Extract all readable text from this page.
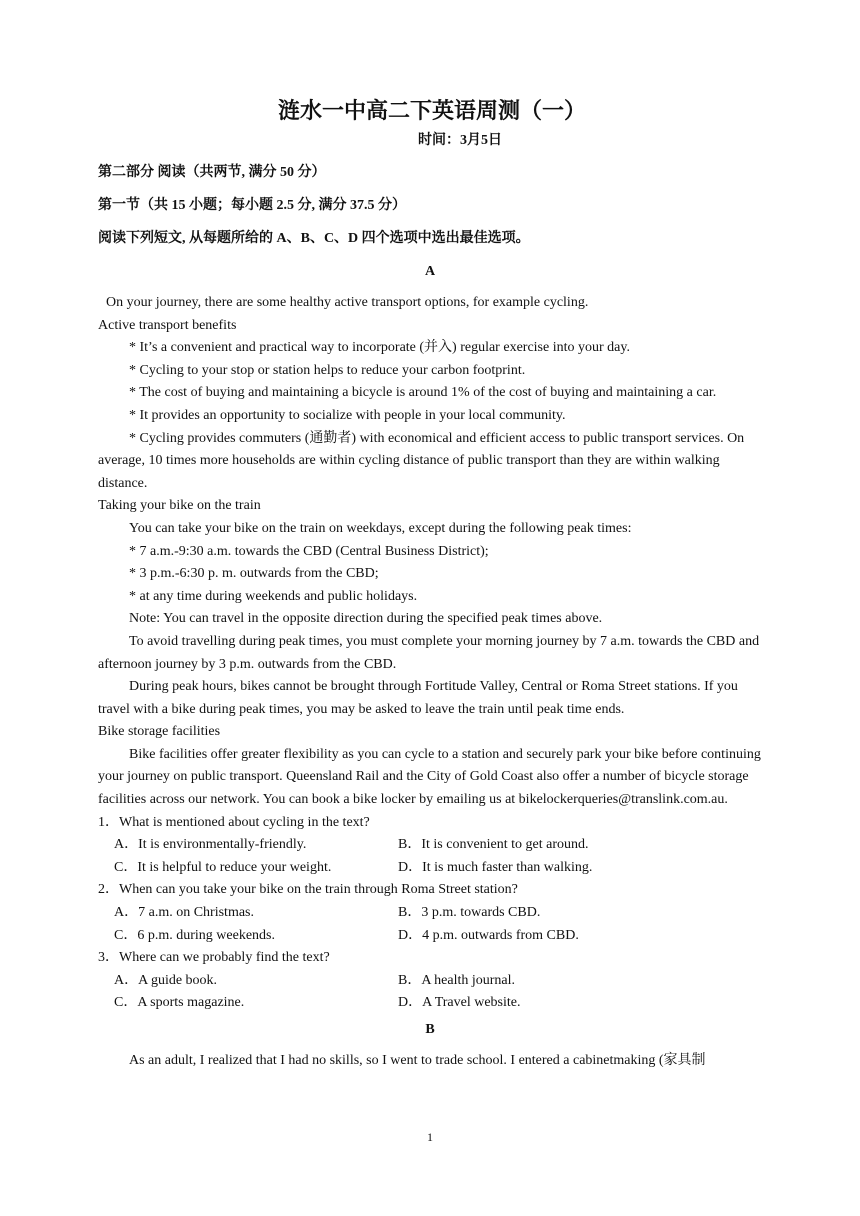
涟水一中高二下英语周测（一）
时间：3月5日
第二部分 阅读（共两节, 满分 50 分）
第一节（共 15 小题；每小题 2.5 分, 满分 37.5 分）
阅读下列短文, 从每题所给的 A、B、C、D 四个选项中选出最佳选项。
A

On your journey, there are some healthy active transport options, for example cycling.

Active transport benefits

* It’s a convenient and practical way to incorporate (并入) regular exercise into your day.

* Cycling to your stop or station helps to reduce your carbon footprint.

* The cost of buying and maintaining a bicycle is around 1% of the cost of buying and maintaining a car.

* It provides an opportunity to socialize with people in your local community.

* Cycling provides commuters (通勤者) with economical and efficient access to public transport services. On average, 10 times more households are within cycling distance of public transport than they are within walking distance.

Taking your bike on the train

You can take your bike on the train on weekdays, except during the following peak times:

* 7 a.m.-9:30 a.m. towards the CBD (Central Business District);

* 3 p.m.-6:30 p. m. outwards from the CBD;

* at any time during weekends and public holidays.

Note: You can travel in the opposite direction during the specified peak times above.

To avoid travelling during peak times, you must complete your morning journey by 7 a.m. towards the CBD and afternoon journey by 3 p.m. outwards from the CBD.

During peak hours, bikes cannot be brought through Fortitude Valley, Central or Roma Street stations. If you travel with a bike during peak times, you may be asked to leave the train until peak time ends.

Bike storage facilities

Bike facilities offer greater flexibility as you can cycle to a station and securely park your bike before continuing your journey on public transport. Queensland Rail and the City of Gold Coast also offer a number of bicycle storage facilities across our network. You can book a bike locker by emailing us at bikelockerqueries@translink.com.au.

1．What is mentioned about cycling in the text?

A．It is environmentally-friendly.	B．It is convenient to get around.
C．It is helpful to reduce your weight.	D．It is much faster than walking.

2．When can you take your bike on the train through Roma Street station?

A．7 a.m. on Christmas.	B．3 p.m. towards CBD.
C．6 p.m. during weekends.	D．4 p.m. outwards from CBD.

3．Where can we probably find the text?

A．A guide book.	B．A health journal.
C．A sports magazine.	D．A Travel website.
B

As an adult, I realized that I had no skills, so I went to trade school. I entered a cabinetmaking (家具制

1
